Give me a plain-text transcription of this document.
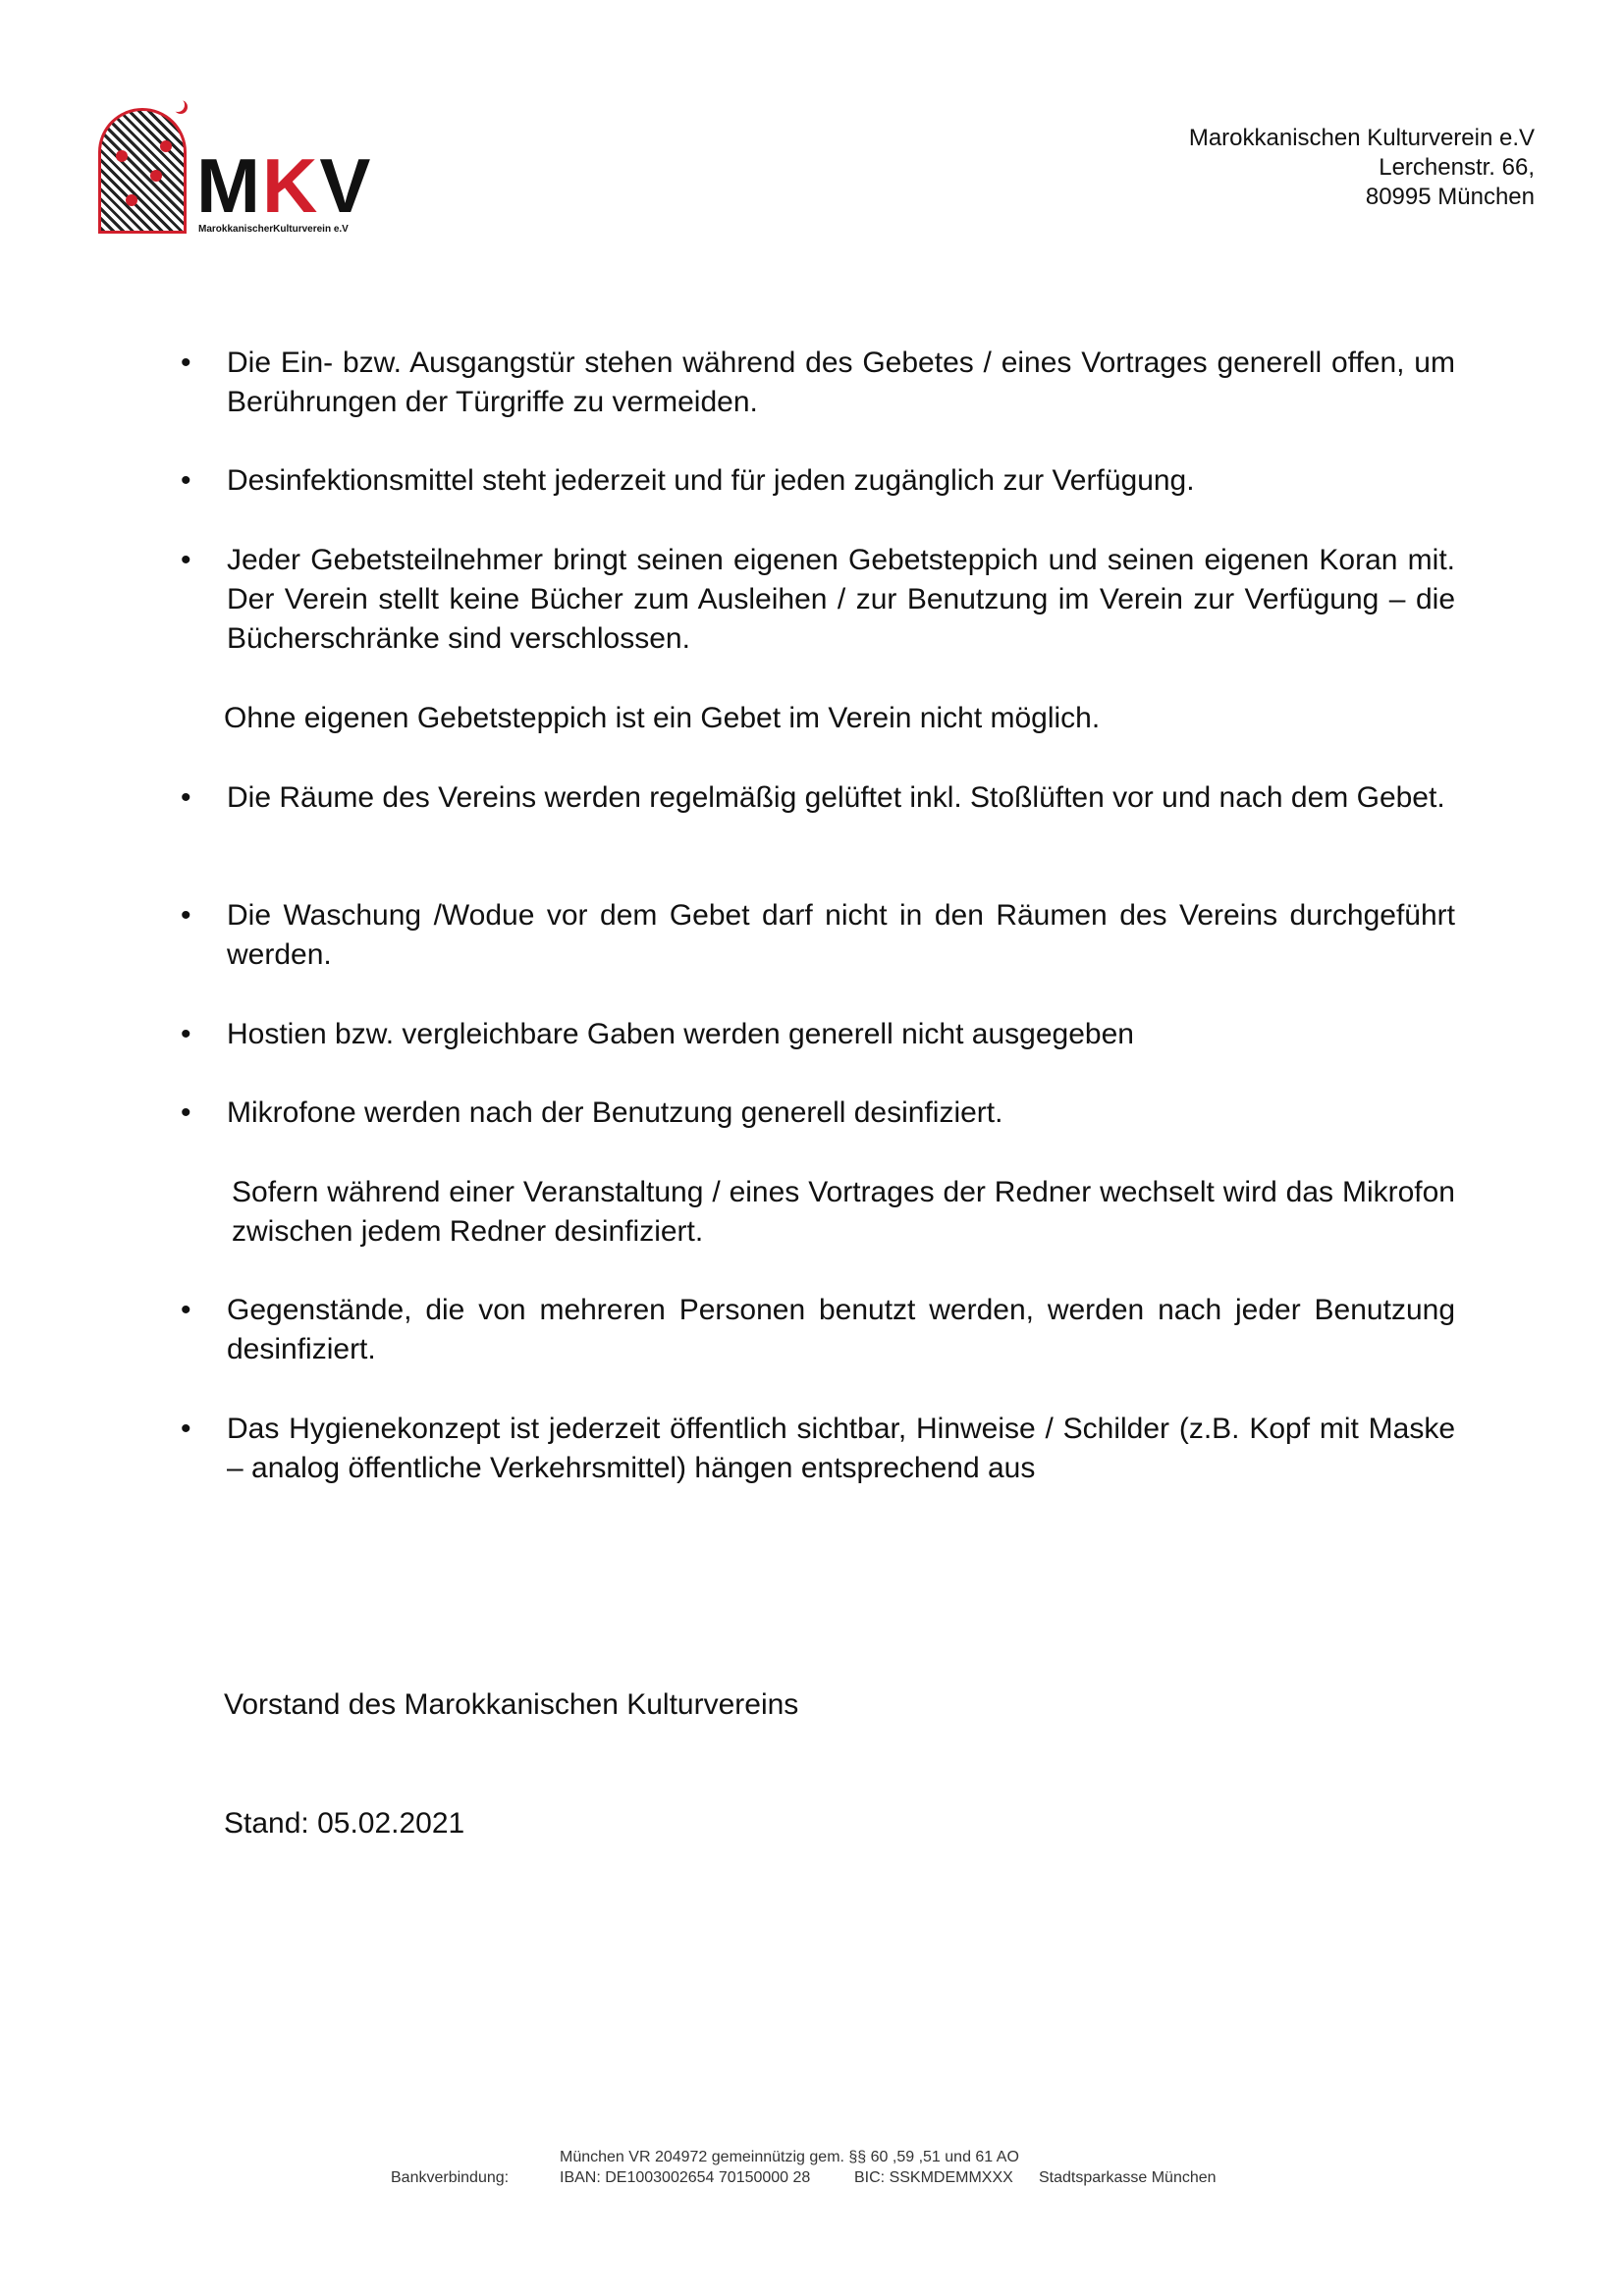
MKV
MarokkanischerKulturverein e.V
Marokkanischen Kulturverein e.V
Lerchenstr. 66,
80995 München
• Die Ein- bzw. Ausgangstür stehen während des Gebetes / eines Vortrages generell offen, um Berührungen der Türgriffe zu vermeiden.
• Desinfektionsmittel steht jederzeit und für jeden zugänglich zur Verfügung.
• Jeder Gebetsteilnehmer bringt seinen eigenen Gebetsteppich und seinen eigenen Koran mit. Der Verein stellt keine Bücher zum Ausleihen / zur Benutzung im Verein zur Verfügung – die Bücherschränke sind verschlossen.
Ohne eigenen Gebetsteppich ist ein Gebet im Verein nicht möglich.
• Die Räume des Vereins werden regelmäßig gelüftet inkl. Stoßlüften vor und nach dem Gebet.
• Die Waschung /Wodue vor dem Gebet darf nicht in den Räumen des Vereins durchgeführt werden.
• Hostien bzw. vergleichbare Gaben werden generell nicht ausgegeben
• Mikrofone werden nach der Benutzung generell desinfiziert.
Sofern während einer Veranstaltung / eines Vortrages der Redner wechselt wird das Mikrofon zwischen jedem Redner desinfiziert.
• Gegenstände, die von mehreren Personen benutzt werden, werden nach jeder Benutzung desinfiziert.
• Das Hygienekonzept ist jederzeit öffentlich sichtbar, Hinweise / Schilder (z.B. Kopf mit Maske – analog öffentliche Verkehrsmittel) hängen entsprechend aus
Vorstand des Marokkanischen Kulturvereins
Stand: 05.02.2021
München VR 204972 gemeinnützig gem. §§ 60 ,59 ,51 und 61 AO
Bankverbindung:	IBAN: DE1003002654 70150000 28	BIC: SSKMDEMMXXX Stadtsparkasse München
